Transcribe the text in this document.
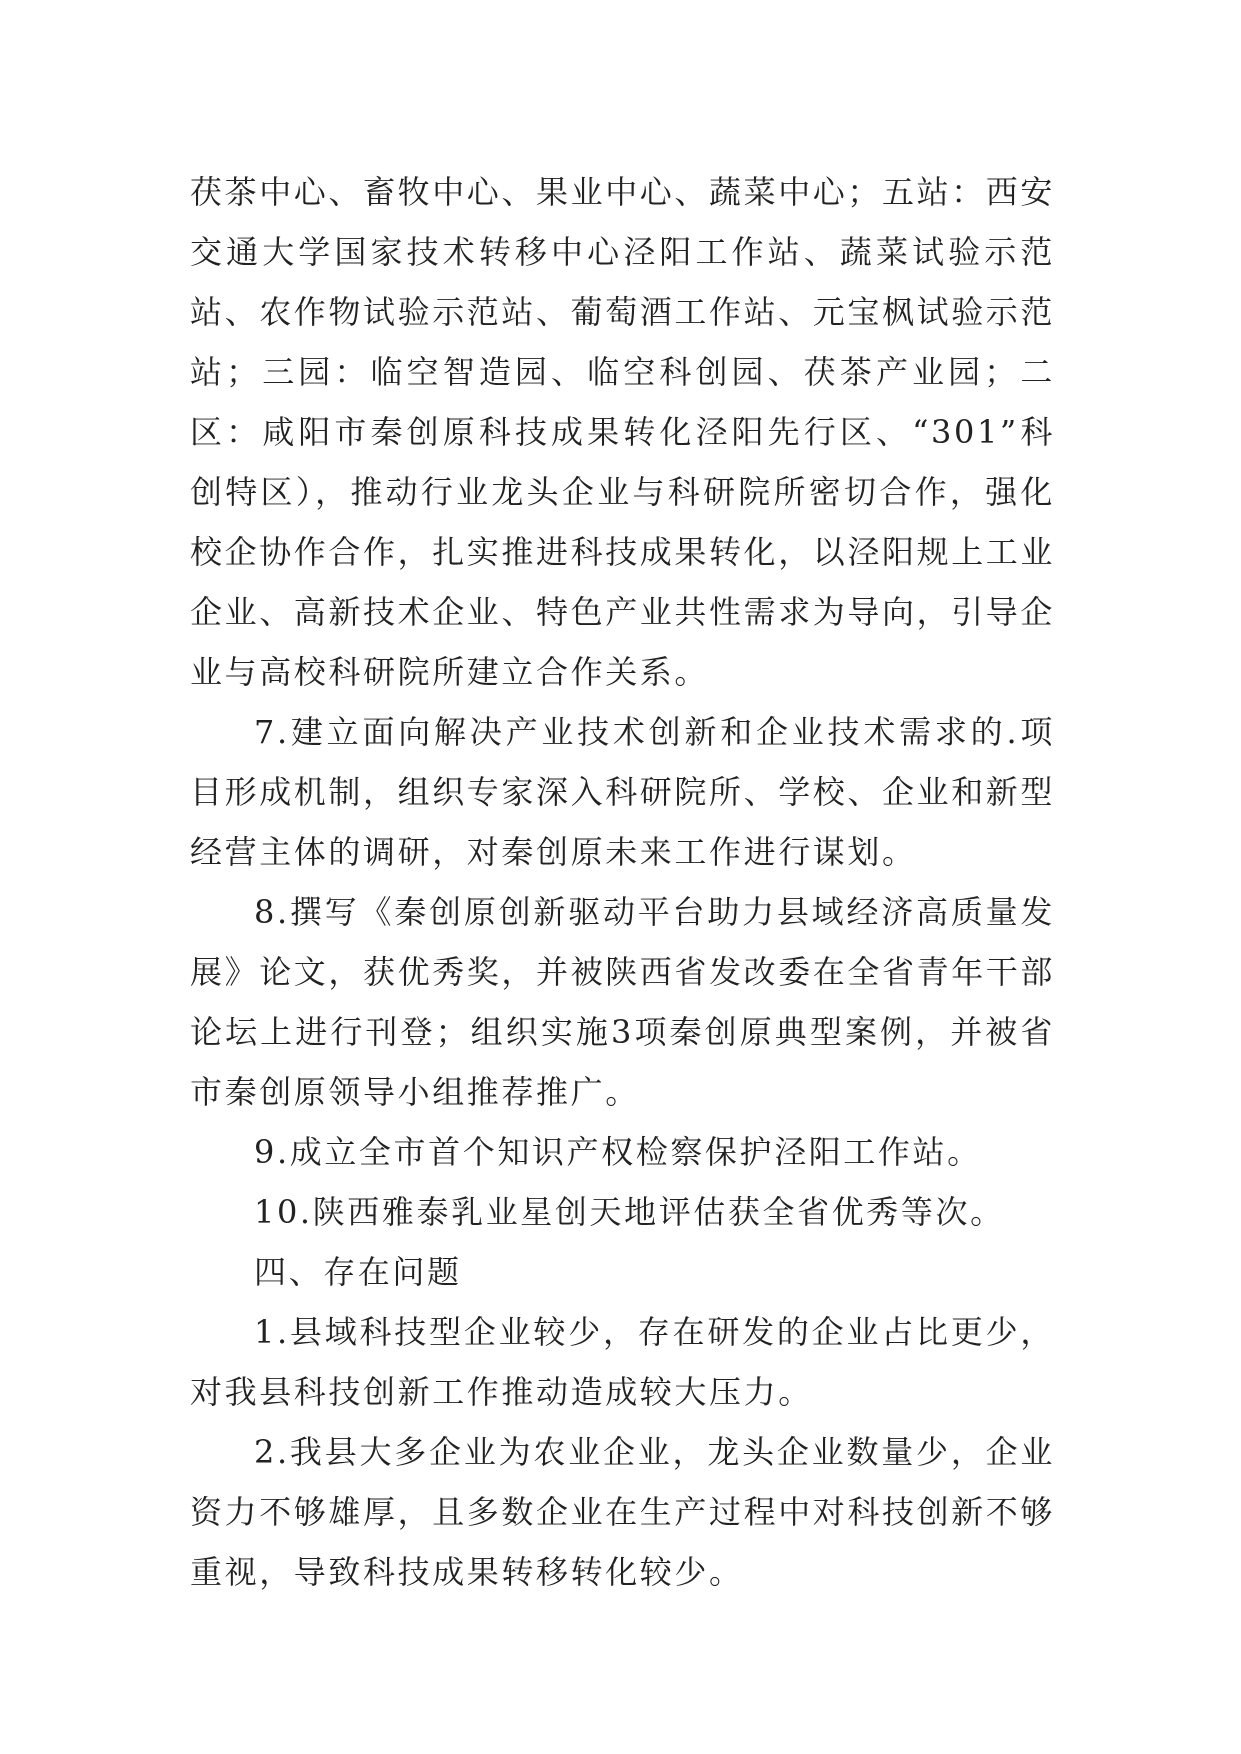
茯茶中心、畜牧中心、果业中心、蔬菜中心；五站：西安交通大学国家技术转移中心泾阳工作站、蔬菜试验示范站、农作物试验示范站、葡萄酒工作站、元宝枫试验示范站；三园：临空智造园、临空科创园、茯茶产业园；二区：咸阳市秦创原科技成果转化泾阳先行区、“301”科创特区），推动行业龙头企业与科研院所密切合作，强化校企协作合作，扎实推进科技成果转化，以泾阳规上工业企业、高新技术企业、特色产业共性需求为导向，引导企业与高校科研院所建立合作关系。

7.建立面向解决产业技术创新和企业技术需求的.项目形成机制，组织专家深入科研院所、学校、企业和新型经营主体的调研，对秦创原未来工作进行谋划。

8.撰写《秦创原创新驱动平台助力县域经济高质量发展》论文，获优秀奖，并被陕西省发改委在全省青年干部论坛上进行刊登；组织实施3项秦创原典型案例，并被省市秦创原领导小组推荐推广。

9.成立全市首个知识产权检察保护泾阳工作站。

10.陕西雅泰乳业星创天地评估获全省优秀等次。

四、存在问题

1.县域科技型企业较少，存在研发的企业占比更少，对我县科技创新工作推动造成较大压力。

2.我县大多企业为农业企业，龙头企业数量少，企业资力不够雄厚，且多数企业在生产过程中对科技创新不够重视，导致科技成果转移转化较少。
